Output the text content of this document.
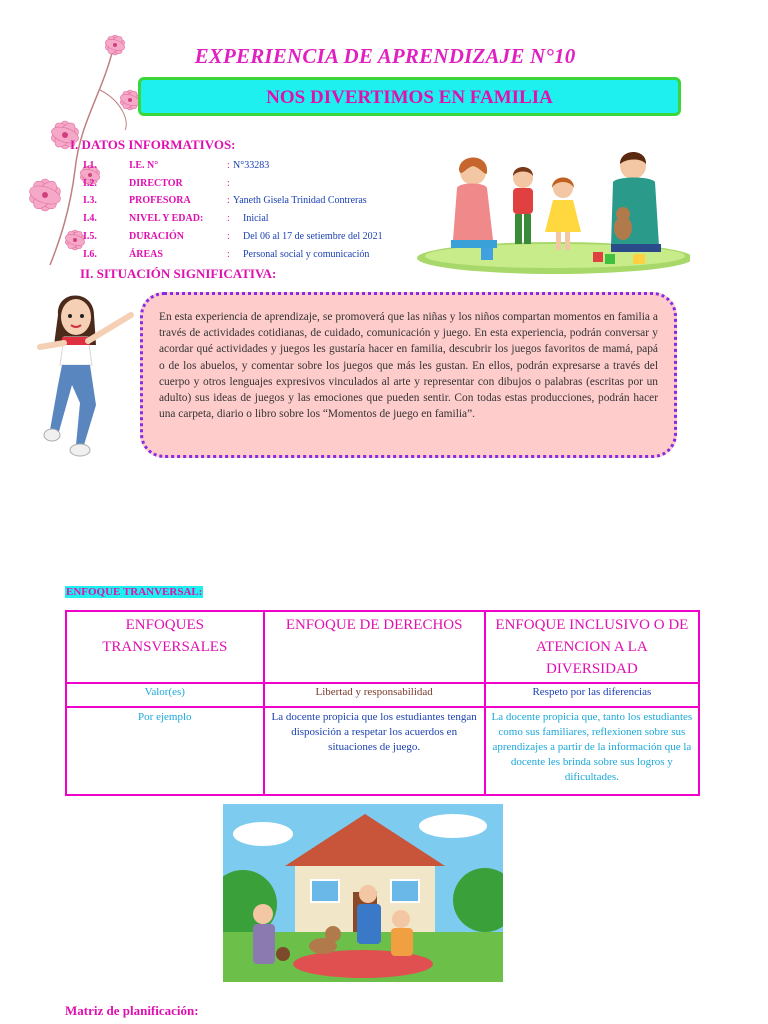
EXPERIENCIA DE APRENDIZAJE N°10
NOS DIVERTIMOS EN FAMILIA
I. DATOS INFORMATIVOS:
I.1.	I.E. N°	: N°33283
I.2.	DIRECTOR	:
I.3.	PROFESORA	: Yaneth Gisela Trinidad Contreras
I.4.	NIVEL Y EDAD: : Inicial
I.5.	DURACIÓN	: Del 06 al 17 de setiembre del 2021
I.6.	ÁREAS	: Personal social y comunicación
II. SITUACIÓN SIGNIFICATIVA:
En esta experiencia de aprendizaje, se promoverá que las niñas y los niños compartan momentos en familia a través de actividades cotidianas, de cuidado, comunicación y juego. En esta experiencia, podrán conversar y acordar qué actividades y juegos les gustaría hacer en familia, descubrir los juegos favoritos de mamá, papá o de los abuelos, y comentar sobre los juegos que más les gustan. En ellos, podrán expresarse a través del cuerpo y otros lenguajes expresivos vinculados al arte y representar con dibujos o palabras (escritas por un adulto) sus ideas de juegos y las emociones que pueden sentir. Con todas estas producciones, podrán hacer una carpeta, diario o libro sobre los “Momentos de juego en familia”.
ENFOQUE TRANVERSAL:
ENFOQUES TRANSVERSALES	ENFOQUE DE DERECHOS	ENFOQUE INCLUSIVO O DE ATENCION A LA DIVERSIDAD
Valor(es)	Libertad y responsabilidad	Respeto por las diferencias
Por ejemplo	La docente propicia que los estudiantes tengan disposición a respetar los acuerdos en situaciones de juego.	La docente propicia que, tanto los estudiantes como sus familiares, reflexionen sobre sus aprendizajes a partir de la información que la docente les brinda sobre sus logros y dificultades.
Matriz de planificación:
